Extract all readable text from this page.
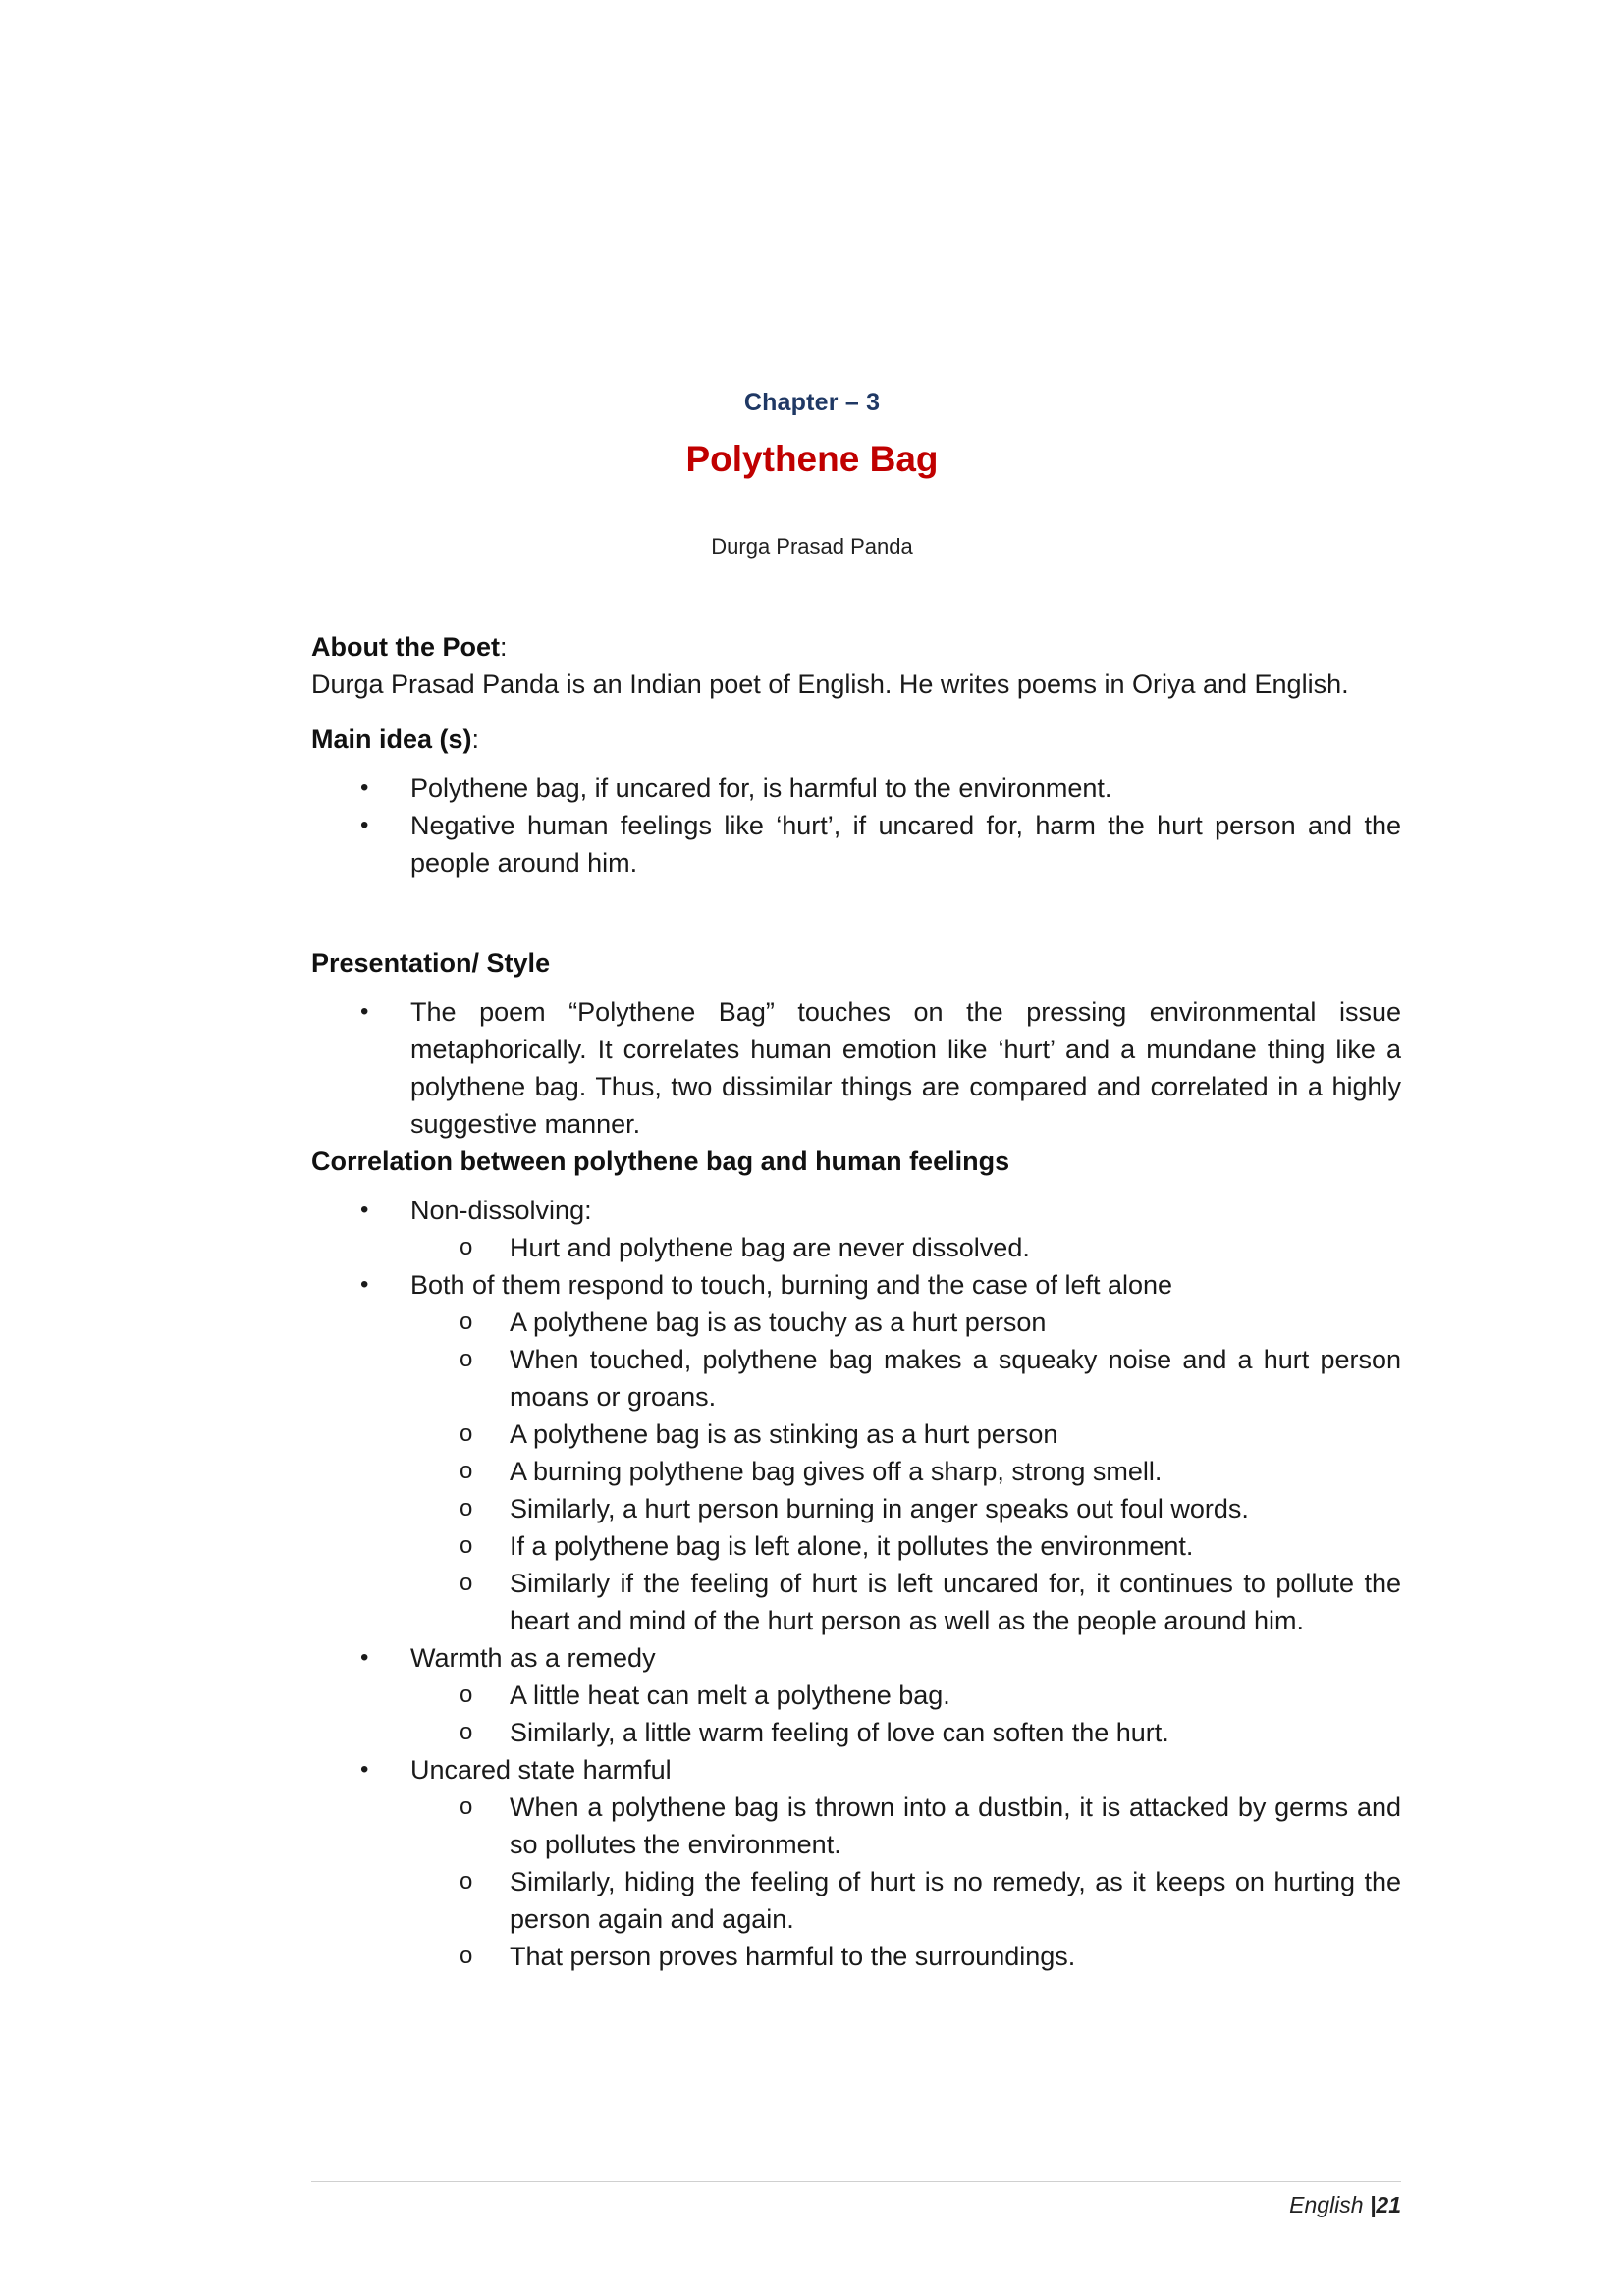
Chapter – 3
Polythene Bag
Durga Prasad Panda

About the Poet:

Durga Prasad Panda is an Indian poet of English. He writes poems in Oriya and English.

Main idea (s):

•	Polythene bag, if uncared for, is harmful to the environment.
•	Negative human feelings like ‘hurt’, if uncared for, harm the hurt person and the people around him.

Presentation/ Style

•	The poem “Polythene Bag” touches on the pressing environmental issue metaphorically. It correlates human emotion like ‘hurt’ and a mundane thing like a polythene bag. Thus, two dissimilar things are compared and correlated in a highly suggestive manner.

Correlation between polythene bag and human feelings

•	Non-dissolving:
o Hurt and polythene bag are never dissolved.
•	Both of them respond to touch, burning and the case of left alone
o A polythene bag is as touchy as a hurt person
o When touched, polythene bag makes a squeaky noise and a hurt person moans or groans.
o A polythene bag is as stinking as a hurt person
o A burning polythene bag gives off a sharp, strong smell.
o Similarly, a hurt person burning in anger speaks out foul words.
o If a polythene bag is left alone, it pollutes the environment.
o Similarly if the feeling of hurt is left uncared for, it continues to pollute the heart and mind of the hurt person as well as the people around him.
•	Warmth as a remedy
o A little heat can melt a polythene bag.
o Similarly, a little warm feeling of love can soften the hurt.
•	Uncared state harmful
o When a polythene bag is thrown into a dustbin, it is attacked by germs and so pollutes the environment.
o Similarly, hiding the feeling of hurt is no remedy, as it keeps on hurting the person again and again.
o That person proves harmful to the surroundings.
English |21
